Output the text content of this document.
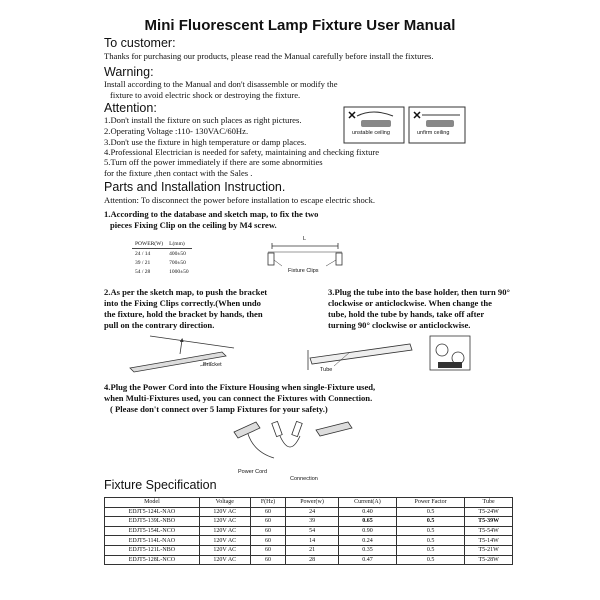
Mini Fluorescent Lamp Fixture User Manual
To customer:
Thanks for purchasing our products, please read the Manual carefully before install the fixtures.
Warning:
Install according to the Manual and don't disassemble or modify the
fixture to avoid electric shock or destroying the fixture.
Attention:
1.Don't install the fixture on such places as right pictures.
2.Operating Voltage :110- 130VAC/60Hz.
3.Don't use the fixture in high temperature or damp places.
4.Professional Electrician is needed for safety, maintaining and checking fixture
5.Turn off the power immediately if there are some abnormities
for the fixture ,then contact with the Sales .
unstable ceiling	unfirm ceiling
Parts and Installation Instruction.
Attention: To disconnect the power before installation to escape electric shock.
1.According to the database and sketch map, to fix the two
pieces Fixing Clip on the ceiling by M4 screw.
POWER(W)	L(mm)
24 / 14	400±50
39 / 21	700±50
54 / 28	1000±50
L
Fixture Clips
2.As per the sketch map, to push the bracket
into the Fixing Clips correctly.(When undo
the fixture, hold the bracket by hands, then
pull on the contrary direction.
3.Plug the tube into the base holder, then turn 90°
clockwise or anticlockwise. When change the
tube, hold the tube by hands, take off after
turning 90° clockwise or anticlockwise.
Bracket
Tube
4.Plug the Power Cord into the Fixture Housing when single-Fixture used,
when Multi-Fixtures used, you can connect the Fixtures with Connection.
( Please don't connect over 5 lamp Fixtures for your safety.)
Power Cord
Connection
Fixture Specification
Model	Voltage	F(Hz)	Power(w)	Current(A)	Power Factor	Tube
EDJT5-124L-NAO	120V AC	60	24	0.40	0.5	T5-24W
EDJT5-139L-NBO	120V AC	60	39	0.65	0.5	T5-39W
EDJT5-154L-NCO	120V AC	60	54	0.90	0.5	T5-54W
EDJT5-114L-NAO	120V AC	60	14	0.24	0.5	T5-14W
EDJT5-121L-NBO	120V AC	60	21	0.35	0.5	T5-21W
EDJT5-128L-NCO	120V AC	60	28	0.47	0.5	T5-28W
